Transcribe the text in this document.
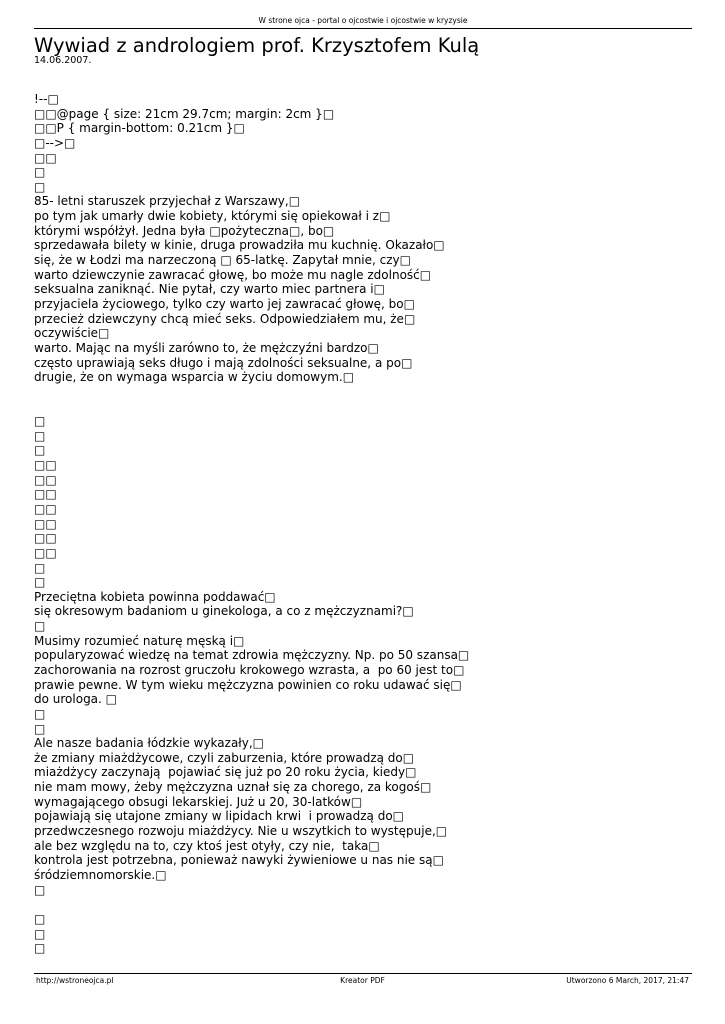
W strone ojca - portal o ojcostwie i ojcostwie w kryzysie
Wywiad z andrologiem prof. Krzysztofem Kulą
14.06.2007.
!--□
□□@page { size: 21cm 29.7cm; margin: 2cm }□
□□P { margin-bottom: 0.21cm }□
□-->□
□□
□
□
85- letni staruszek przyjechał z Warszawy,□
po tym jak umarły dwie kobiety, którymi się opiekował i z□
którymi współżył. Jedna była □pożyteczna□, bo□
sprzedawała bilety w kinie, druga prowadziła mu kuchnię. Okazało□
się, że w Łodzi ma narzeczoną □ 65-latkę. Zapytał mnie, czy□
warto dziewczynie zawracać głowę, bo może mu nagle zdolność□
seksualna zaniknąć. Nie pytał, czy warto miec partnera i□
przyjaciela życiowego, tylko czy warto jej zawracać głowę, bo□
przecież dziewczyny chcą mieć seks. Odpowiedziałem mu, że□
oczywiście□
warto. Mając na myśli zarówno to, że mężczyźni bardzo□
często uprawiają seks długo i mają zdolności seksualne, a po□
drugie, że on wymaga wsparcia w życiu domowym.□
□
□
□
□□
□□
□□
□□
□□
□□
□□
□
□
Przeciętna kobieta powinna poddawać□
się okresowym badaniom u ginekologa, a co z mężczyznami?□
□
Musimy rozumieć naturę męską i□
popularyzować wiedzę na temat zdrowia mężczyzny. Np. po 50 szansa□
zachorowania na rozrost gruczołu krokowego wzrasta, a  po 60 jest to□
prawie pewne. W tym wieku mężczyzna powinien co roku udawać się□
do urologa. □
□
□
Ale nasze badania łódzkie wykazały,□
że zmiany miażdżycowe, czyli zaburzenia, które prowadzą do□
miażdżycy zaczynają  pojawiać się już po 20 roku życia, kiedy□
nie mam mowy, żeby mężczyzna uznał się za chorego, za kogoś□
wymagającego obsugi lekarskiej. Już u 20, 30-latków□
pojawiają się utajone zmiany w lipidach krwi  i prowadzą do□
przedwczesnego rozwoju miażdżycy. Nie u wszytkich to występuje,□
ale bez względu na to, czy ktoś jest otyły, czy nie,  taka□
kontrola jest potrzebna, ponieważ nawyki żywieniowe u nas nie są□
śródziemnomorskie.□
□
□
□
□
http://wstroneojca.pl	Kreator PDF	Utworzono 6 March, 2017, 21:47
